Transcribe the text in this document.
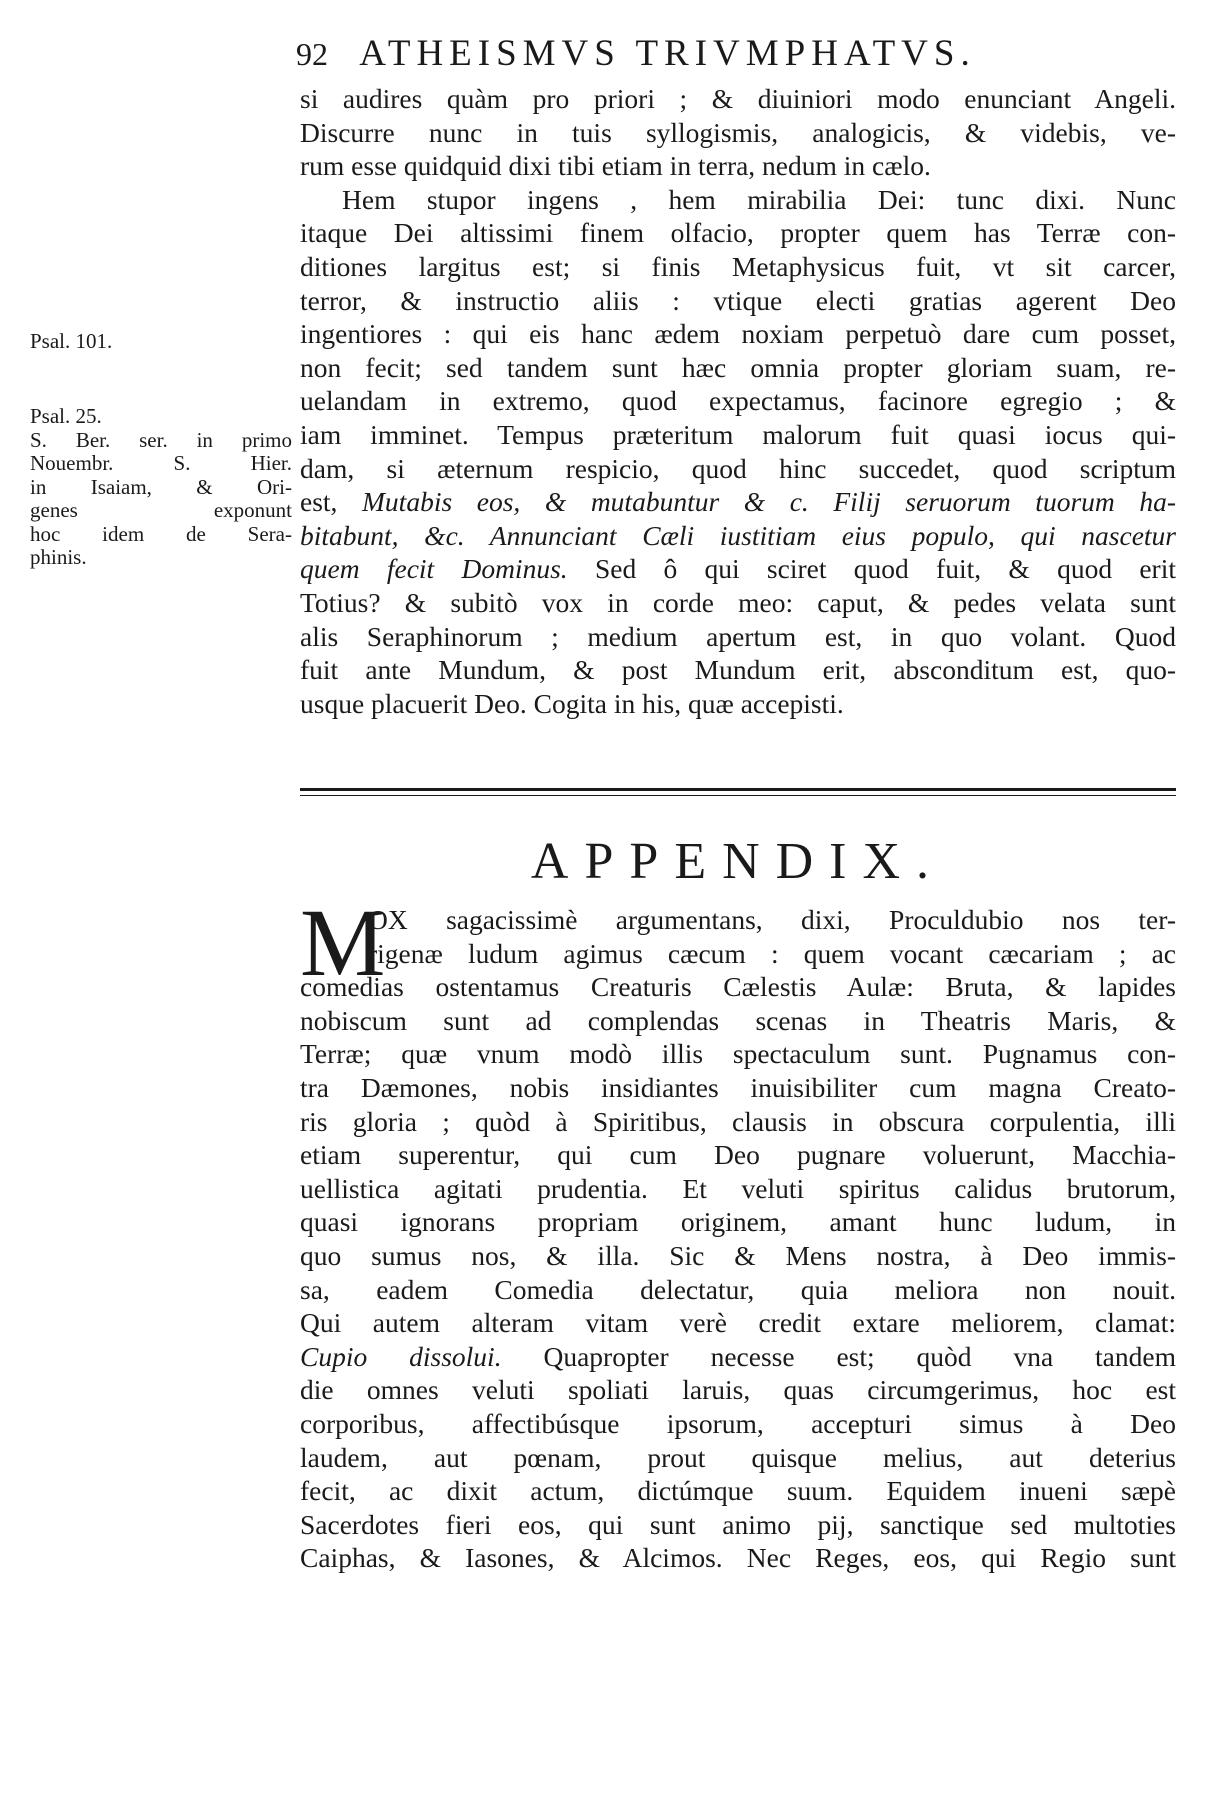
92 ATHEISMVS TRIVMPHATVS.
si audires quàm pro priori ; & diuiniori modo enunciant Angeli.
Discurre nunc in tuis syllogismis, analogicis, & videbis, ve-
rum esse quidquid dixi tibi etiam in terra, nedum in cælo.
Hem stupor ingens , hem mirabilia Dei: tunc dixi. Nunc
itaque Dei altissimi finem olfacio, propter quem has Terræ con-
ditiones largitus est; si finis Metaphysicus fuit, vt sit carcer,
terror, & instructio aliis : vtique electi gratias agerent Deo
ingentiores : qui eis hanc ædem noxiam perpetuò dare cum posset,
non fecit; sed tandem sunt hæc omnia propter gloriam suam, re-
uelandam in extremo, quod expectamus, facinore egregio ; &
iam imminet. Tempus præteritum malorum fuit quasi iocus qui-
dam, si æternum respicio, quod hinc succedet, quod scriptum
est, Mutabis eos, & mutabuntur & c. Filij seruorum tuorum ha-
bitabunt, &c. Annunciant Cæli iustitiam eius populo, qui nascetur
quem fecit Dominus. Sed ô qui sciret quod fuit, & quod erit
Totius? & subitò vox in corde meo: caput, & pedes velata sunt
alis Seraphinorum ; medium apertum est, in quo volant. Quod
fuit ante Mundum, & post Mundum erit, absconditum est, quo-
usque placuerit Deo. Cogita in his, quæ accepisti.
Psal. 101.
Psal. 25.
S. Ber. ser. in primo
Nouembr. S. Hier.
in Isaiam, & Ori-
genes exponunt
hoc idem de Sera-
phinis.
APPENDIX.
M
OX sagacissimè argumentans, dixi, Proculdubio nos ter-
rigenæ ludum agimus cæcum : quem vocant cæcariam ; ac
comedias ostentamus Creaturis Cælestis Aulæ: Bruta, & lapides
nobiscum sunt ad complendas scenas in Theatris Maris, &
Terræ; quæ vnum modò illis spectaculum sunt. Pugnamus con-
tra Dæmones, nobis insidiantes inuisibiliter cum magna Creato-
ris gloria ; quòd à Spiritibus, clausis in obscura corpulentia, illi
etiam superentur, qui cum Deo pugnare voluerunt, Macchia-
uellistica agitati prudentia. Et veluti spiritus calidus brutorum,
quasi ignorans propriam originem, amant hunc ludum, in
quo sumus nos, & illa. Sic & Mens nostra, à Deo immis-
sa, eadem Comedia delectatur, quia meliora non nouit.
Qui autem alteram vitam verè credit extare meliorem, clamat:
Cupio dissolui. Quapropter necesse est; quòd vna tandem
die omnes veluti spoliati laruis, quas circumgerimus, hoc est
corporibus, affectibúsque ipsorum, accepturi simus à Deo
laudem, aut pœnam, prout quisque melius, aut deterius
fecit, ac dixit actum, dictúmque suum. Equidem inueni sæpè
Sacerdotes fieri eos, qui sunt animo pij, sanctique sed multoties
Caiphas, & Iasones, & Alcimos. Nec Reges, eos, qui Regio sunt
